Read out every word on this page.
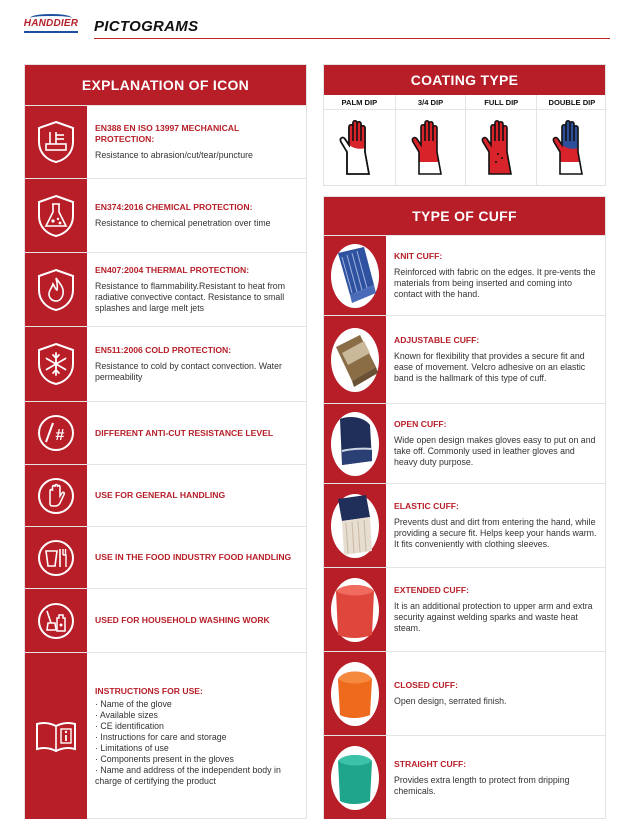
HANDDIER PICTOGRAMS
EXPLANATION OF ICON
EN388 EN ISO 13997 MECHANICAL PROTECTION:
Resistance to abrasion/cut/tear/puncture
EN374:2016 CHEMICAL PROTECTION:
Resistance to chemical penetration over time
EN407:2004 THERMAL PROTECTION:
Resistance to flammability.Resistant to heat from radiative convective contact. Resistance to small splashes and large melt jets
EN511:2006 COLD PROTECTION:
Resistance to cold by contact convection. Water permeability
#	DIFFERENT ANTI-CUT RESISTANCE LEVEL
USE FOR GENERAL HANDLING
USE IN THE FOOD INDUSTRY FOOD HANDLING
USED FOR HOUSEHOLD WASHING WORK
INSTRUCTIONS FOR USE:
· Name of the glove
· Available sizes
· CE identification
· Instructions for care and storage
· Limitations of use
· Components present in the gloves
· Name and address of the independent body in charge of certifying the product
COATING TYPE
PALM DIP	3/4 DIP	FULL DIP	DOUBLE DIP
TYPE OF CUFF
KNIT CUFF:
Reinforced with fabric on the edges. It pre-vents the materials from being inserted and coming into contact with the hand.
ADJUSTABLE CUFF:
Known for flexibility that provides a secure fit and ease of movement. Velcro adhesive on an elastic band is the hallmark of this type of cuff.
OPEN CUFF:
Wide open design makes gloves easy to put on and take off. Commonly used in leather gloves and heavy duty purpose.
ELASTIC CUFF:
Prevents dust and dirt from entering the hand, while providing a secure fit. Helps keep your hands warm. It fits conveniently with clothing sleeves.
EXTENDED CUFF:
It is an additional protection to upper arm and extra security against welding sparks and waste heat steam.
CLOSED CUFF:
Open design, serrated finish.
STRAIGHT CUFF:
Provides extra length to protect from dripping chemicals.
